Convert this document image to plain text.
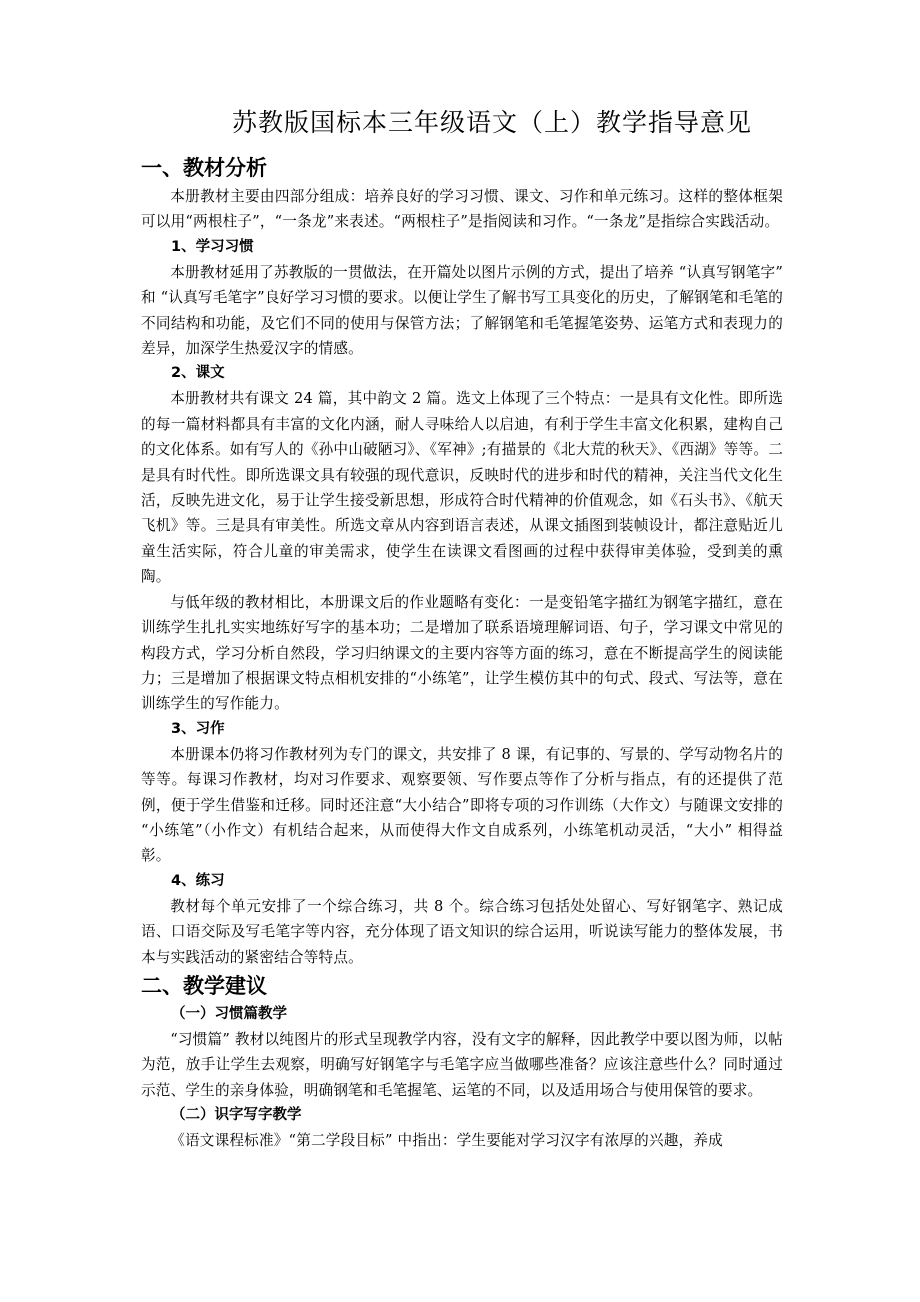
苏教版国标本三年级语文（上）教学指导意见
一、教材分析

本册教材主要由四部分组成：培养良好的学习习惯、课文、习作和单元练习。这样的整体框架可以用“两根柱子”，“一条龙”来表述。“两根柱子”是指阅读和习作。“一条龙”是指综合实践活动。

1、学习习惯

本册教材延用了苏教版的一贯做法，在开篇处以图片示例的方式，提出了培养 “认真写钢笔字” 和 “认真写毛笔字”良好学习习惯的要求。以便让学生了解书写工具变化的历史，了解钢笔和毛笔的不同结构和功能，及它们不同的使用与保管方法；了解钢笔和毛笔握笔姿势、运笔方式和表现力的差异，加深学生热爱汉字的情感。

2、课文

本册教材共有课文 24 篇，其中韵文 2 篇。选文上体现了三个特点：一是具有文化性。即所选的每一篇材料都具有丰富的文化内涵，耐人寻味给人以启迪，有利于学生丰富文化积累，建构自己的文化体系。如有写人的《孙中山破陋习》、《军神》;有描景的《北大荒的秋天》、《西湖》等等。二是具有时代性。即所选课文具有较强的现代意识，反映时代的进步和时代的精神，关注当代文化生活，反映先进文化，易于让学生接受新思想，形成符合时代精神的价值观念，如《石头书》、《航天飞机》等。三是具有审美性。所选文章从内容到语言表述，从课文插图到装帧设计，都注意贴近儿童生活实际，符合儿童的审美需求，使学生在读课文看图画的过程中获得审美体验，受到美的熏陶。

与低年级的教材相比，本册课文后的作业题略有变化：一是变铅笔字描红为钢笔字描红，意在训练学生扎扎实实地练好写字的基本功；二是增加了联系语境理解词语、句子，学习课文中常见的构段方式，学习分析自然段，学习归纳课文的主要内容等方面的练习，意在不断提高学生的阅读能力；三是增加了根据课文特点相机安排的“小练笔”，让学生模仿其中的句式、段式、写法等，意在训练学生的写作能力。

3、习作

本册课本仍将习作教材列为专门的课文，共安排了 8 课，有记事的、写景的、学写动物名片的等等。每课习作教材，均对习作要求、观察要领、写作要点等作了分析与指点，有的还提供了范例，便于学生借鉴和迁移。同时还注意“大小结合”即将专项的习作训练（大作文）与随课文安排的 “小练笔”（小作文）有机结合起来，从而使得大作文自成系列，小练笔机动灵活，“大小” 相得益彰。

4、练习

教材每个单元安排了一个综合练习，共 8 个。综合练习包括处处留心、写好钢笔字、熟记成语、口语交际及写毛笔字等内容，充分体现了语文知识的综合运用，听说读写能力的整体发展，书本与实践活动的紧密结合等特点。

二、教学建议
（一）习惯篇教学

“习惯篇” 教材以纯图片的形式呈现教学内容，没有文字的解释，因此教学中要以图为师，以帖为范，放手让学生去观察，明确写好钢笔字与毛笔字应当做哪些准备？应该注意些什么？同时通过示范、学生的亲身体验，明确钢笔和毛笔握笔、运笔的不同，以及适用场合与使用保管的要求。

（二）识字写字教学

《语文课程标准》“第二学段目标” 中指出：学生要能对学习汉字有浓厚的兴趣，养成
